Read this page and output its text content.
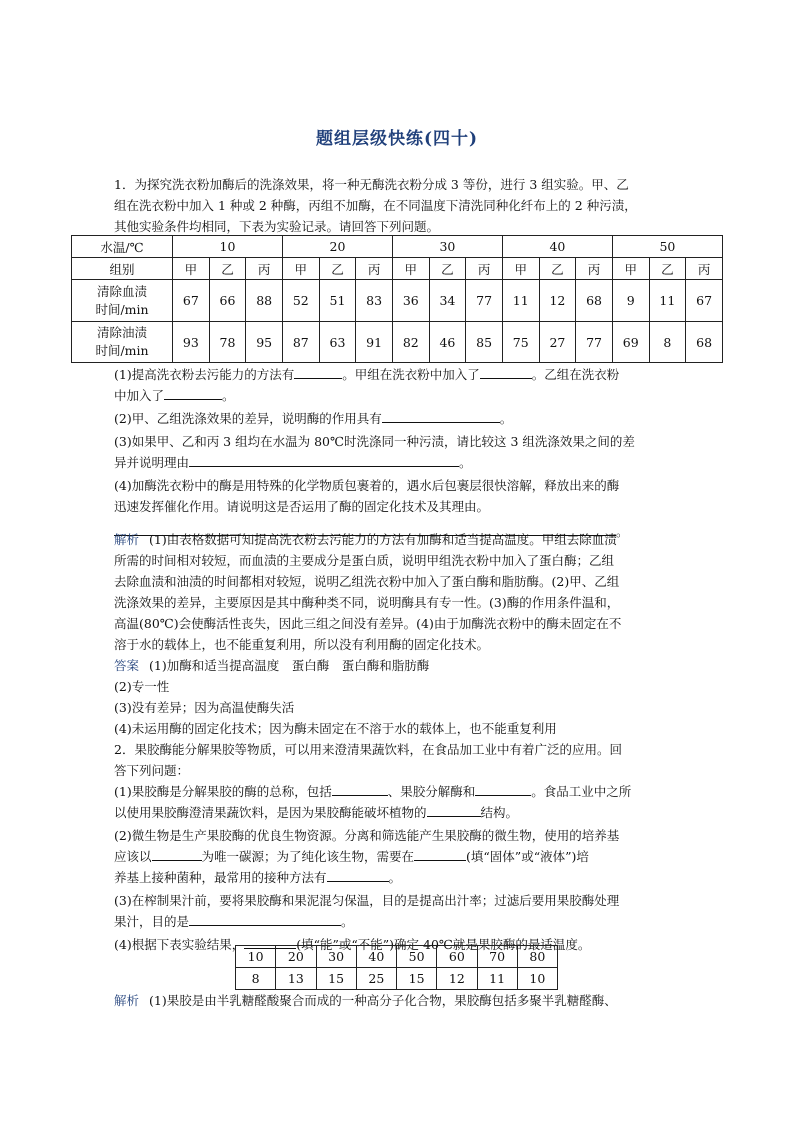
题组层级快练(四十)

1．为探究洗衣粉加酶后的洗涤效果，将一种无酶洗衣粉分成 3 等份，进行 3 组实验。甲、乙

组在洗衣粉中加入 1 种或 2 种酶，丙组不加酶，在不同温度下清洗同种化纤布上的 2 种污渍，

其他实验条件均相同，下表为实验记录。请回答下列问题。

水温/℃	10			20			30			40			50		
组别	甲	乙	丙	甲	乙	丙	甲	乙	丙	甲	乙	丙	甲	乙	丙

清除血渍
时间/min	67	66	88	52	51	83	36	34	77	11	12	68	9	11	67

清除油渍
时间/min	93	78	95	87	63	91	82	46	85	75	27	77	69	8	68

(1)提高洗衣粉去污能力的方法有	。甲组在洗衣粉中加入了	。乙组在洗衣粉

中加入了	。

(2)甲、乙组洗涤效果的差异，说明酶的作用具有	。

(3)如果甲、乙和丙 3 组均在水温为 80℃时洗涤同一种污渍，请比较这 3 组洗涤效果之间的差

异并说明理由	。

(4)加酶洗衣粉中的酶是用特殊的化学物质包裹着的，遇水后包裹层很快溶解，释放出来的酶

迅速发挥催化作用。请说明这是否运用了酶的固定化技术及其理由。

。

解析 (1)由表格数据可知提高洗衣粉去污能力的方法有加酶和适当提高温度。甲组去除血渍

所需的时间相对较短，而血渍的主要成分是蛋白质，说明甲组洗衣粉中加入了蛋白酶；乙组

去除血渍和油渍的时间都相对较短，说明乙组洗衣粉中加入了蛋白酶和脂肪酶。(2)甲、乙组

洗涤效果的差异，主要原因是其中酶种类不同，说明酶具有专一性。(3)酶的作用条件温和，

高温(80℃)会使酶活性丧失，因此三组之间没有差异。(4)由于加酶洗衣粉中的酶未固定在不

溶于水的载体上，也不能重复利用，所以没有利用酶的固定化技术。

答案 (1)加酶和适当提高温度　蛋白酶　蛋白酶和脂肪酶

(2)专一性

(3)没有差异；因为高温使酶失活

(4)未运用酶的固定化技术；因为酶未固定在不溶于水的载体上，也不能重复利用

2．果胶酶能分解果胶等物质，可以用来澄清果蔬饮料，在食品加工业中有着广泛的应用。回

答下列问题：

(1)果胶酶是分解果胶的酶的总称，包括	、果胶分解酶和	。食品工业中之所

以使用果胶酶澄清果蔬饮料，是因为果胶酶能破坏植物的	结构。

(2)微生物是生产果胶酶的优良生物资源。分离和筛选能产生果胶酶的微生物，使用的培养基

应该以	为唯一碳源；为了纯化该生物，需要在	(填“固体”或“液体”)培

养基上接种菌种，最常用的接种方法有	。

(3)在榨制果汁前，要将果胶酶和果泥混匀保温，目的是提高出汁率；过滤后要用果胶酶处理

果汁，目的是	。

(4)根据下表实验结果，	(填“能”或“不能”)确定 40℃就是果胶酶的最适温度。

10	20	30	40	50	60	70	80
8	13	15	25	15	12	11	10

解析 (1)果胶是由半乳糖醛酸聚合而成的一种高分子化合物，果胶酶包括多聚半乳糖醛酶、
